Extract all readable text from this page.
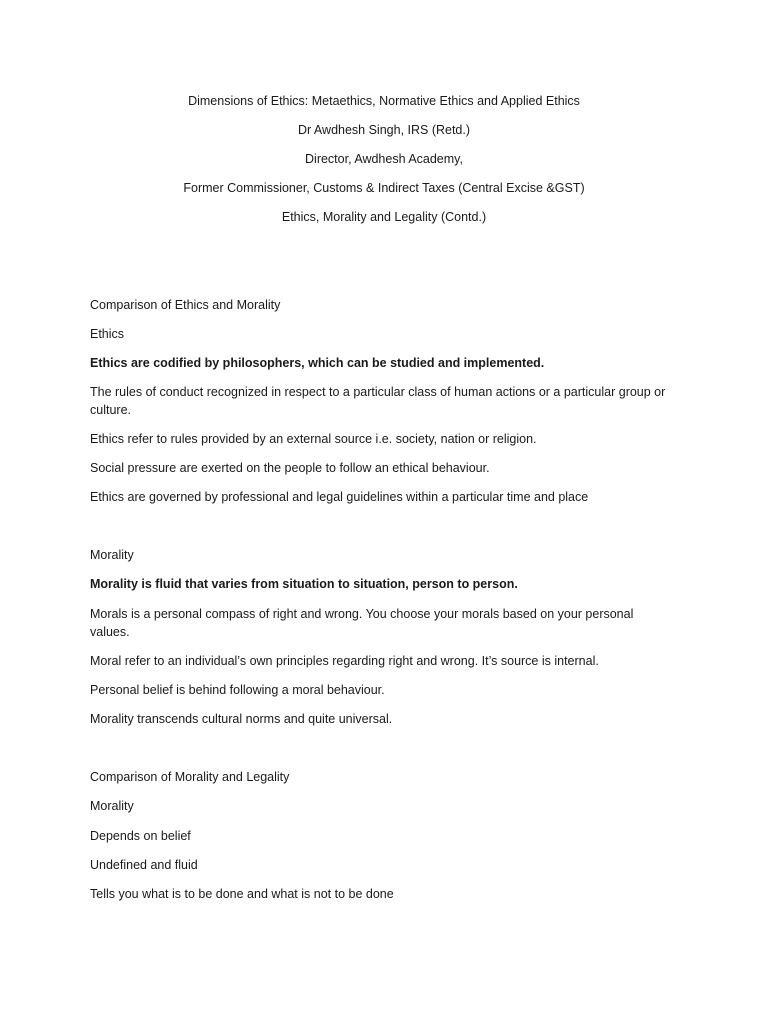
Dimensions of Ethics: Metaethics, Normative Ethics and Applied Ethics
Dr Awdhesh Singh, IRS (Retd.)
Director, Awdhesh Academy,
Former Commissioner, Customs & Indirect Taxes (Central Excise &GST)
Ethics, Morality and Legality (Contd.)
Comparison of Ethics and Morality
Ethics
Ethics are codified by philosophers, which can be studied and implemented.
The rules of conduct recognized in respect to a particular class of human actions or a particular group or culture.
Ethics refer to rules provided by an external source i.e. society, nation or religion.
Social pressure are exerted on the people to follow an ethical behaviour.
Ethics are governed by professional and legal guidelines within a particular time and place
Morality
Morality is fluid that varies from situation to situation, person to person.
Morals is a personal compass of right and wrong. You choose your morals based on your personal values.
Moral refer to an individual’s own principles regarding right and wrong. It’s source is internal.
Personal belief is behind following a moral behaviour.
Morality transcends cultural norms and quite universal.
Comparison of Morality and Legality
Morality
Depends on belief
Undefined and fluid
Tells you what is to be done and what is not to be done
